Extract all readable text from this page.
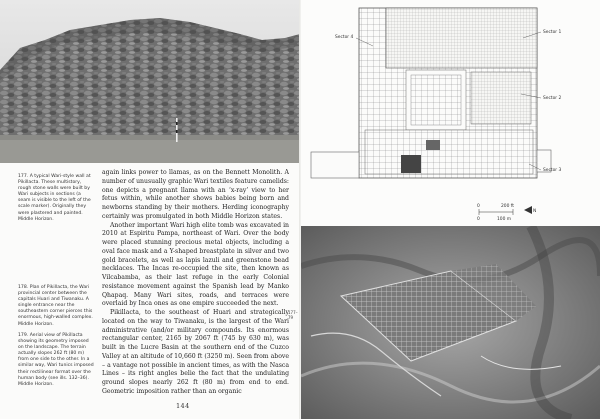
177. A typical Wari-style wall at Pikillacta. These multistory, rough stone walls were built by Wari subjects in sections (a seam is visible to the left of the scale marker). Originally they were plastered and painted. Middle Horizon.
178. Plan of Pikillacta, the Wari provincial center between the capitals Huari and Tiwanaku. A single entrance near the southeastern corner pierces this enormous, high-walled complex. Middle Horizon.
179. Aerial view of Pikillacta showing its geometry imposed on the landscape. The terrain actually slopes 262 ft (80 m) from one side to the other. In a similar way, Wari tunics imposed their rectilinear format over the human body (see ills. 132–36). Middle Horizon.

again links power to llamas, as on the Bennett Monolith. A number of unusually graphic Wari textiles feature camelids: one depicts a pregnant llama with an ‘x-ray’ view to her fetus within, while another shows babies being born and newborns standing by their mothers. Herding iconography certainly was promulgated in both Middle Horizon states.

Another important Wari high elite tomb was excavated in 2010 at Espiritu Pampa, northeast of Wari. Over the body were placed stunning precious metal objects, including a oval face mask and a Y-shaped breastplate in silver and two gold bracelets, as well as lapis lazuli and greenstone bead necklaces. The Incas re-occupied the site, then known as Vilcabamba, as their last refuge in the early Colonial resistance movement against the Spanish lead by Manko Qhapaq. Many Wari sites, roads, and terraces were overlaid by Inca ones as one empire succeeded the next.

Pikillacta, to the southeast of Huari and strategically located on the way to Tiwanaku, is the largest of the Wari administrative (and/or military compounds. Its enormous rectangular center, 2165 by 2067 ft (745 by 630 m), was built in the Lucre Basin at the southern end of the Cuzco Valley at an altitude of 10,660 ft (3250 m). Seen from above – a vantage not possible in ancient times, as with the Nasca Lines – its right angles belie the fact that the undulating ground slopes nearly 262 ft (80 m) from end to end. Geometric imposition rather than an organic

177–79
144
Sector 4
Sector 1
Sector 2
Sector 3
0	200 ft
0	100 m
N
